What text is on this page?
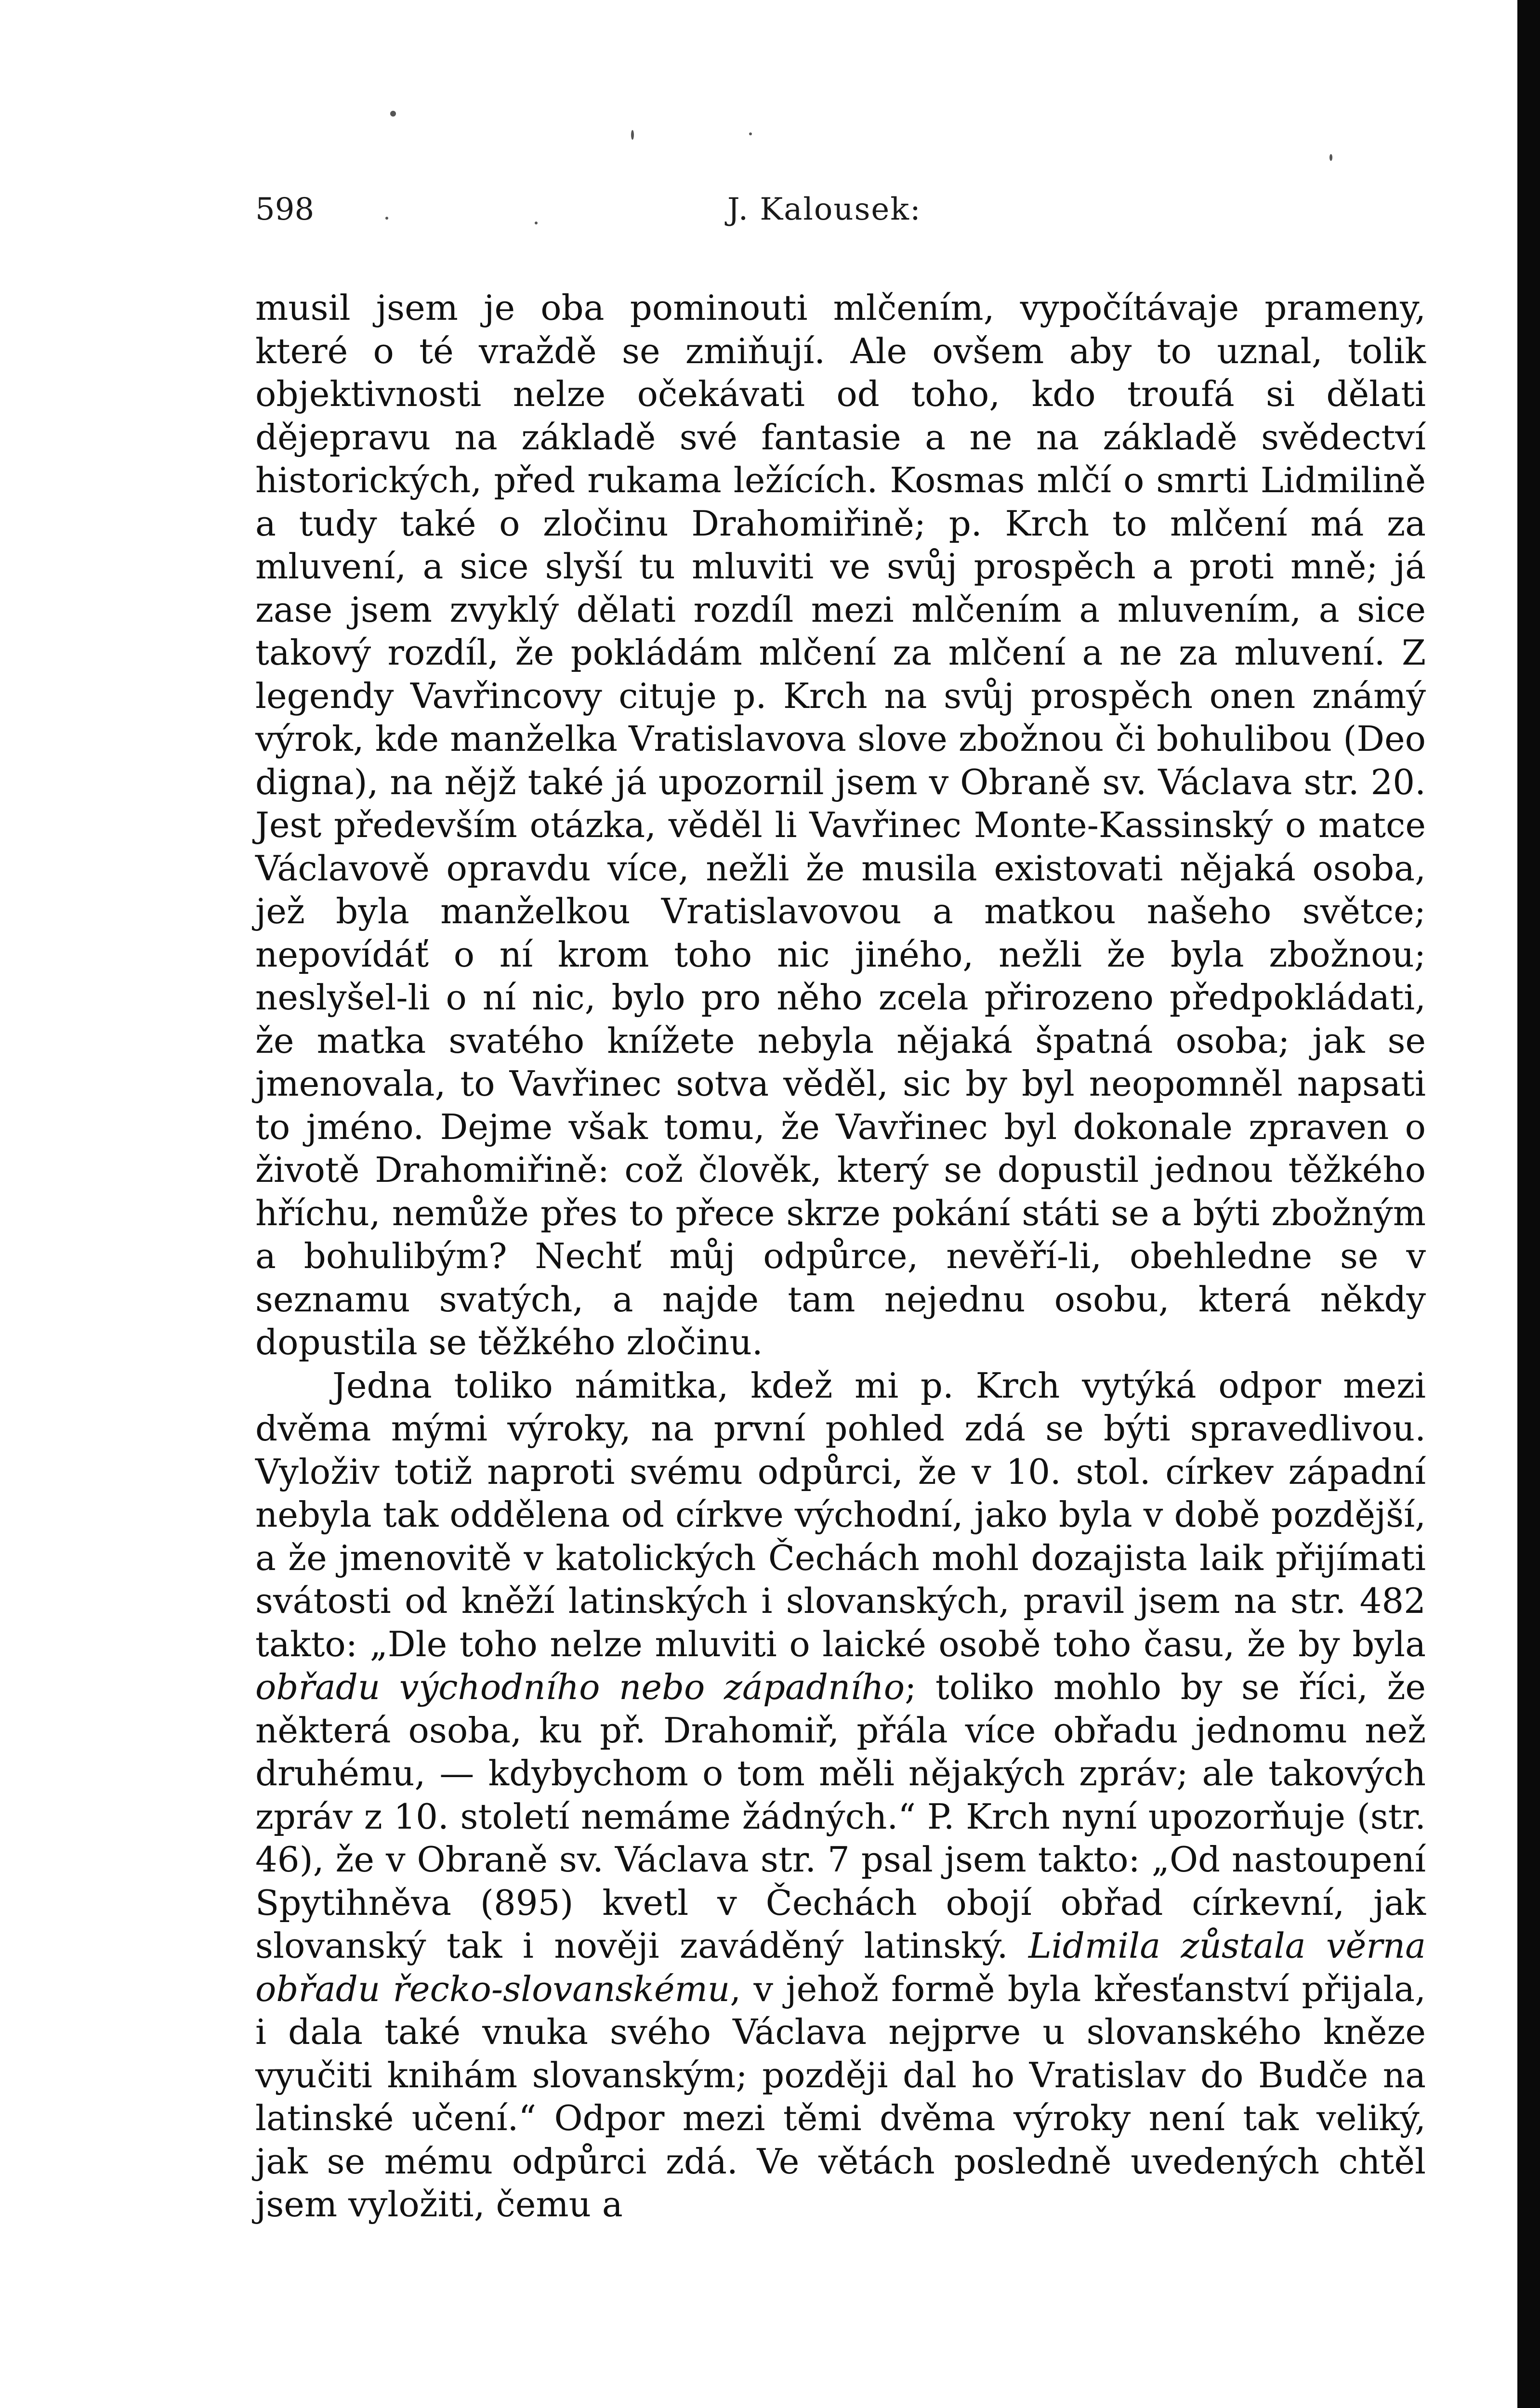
598	J. Kalousek:

musil jsem je oba pominouti mlčením, vypočítávaje prameny, které o té vraždě se zmiňují. Ale ovšem aby to uznal, tolik objektivnosti nelze očekávati od toho, kdo troufá si dělati dějepravu na základě své fantasie a ne na základě svědectví historických, před rukama ležících. Kosmas mlčí o smrti Lidmilině a tudy také o zločinu Drahomiřině; p. Krch to mlčení má za mluvení, a sice slyší tu mluviti ve svůj prospěch a proti mně; já zase jsem zvyklý dělati rozdíl mezi mlčením a mluvením, a sice takový rozdíl, že pokládám mlčení za mlčení a ne za mluvení. Z legendy Vavřincovy cituje p. Krch na svůj prospěch onen známý výrok, kde manželka Vratislavova slove zbožnou či bohulibou (Deo digna), na nějž také já upozornil jsem v Obraně sv. Václava str. 20. Jest především otázka, věděl li Vavřinec Monte-Kassinský o matce Václavově opravdu více, nežli že musila existovati nějaká osoba, jež byla manželkou Vratislavovou a matkou našeho světce; nepovídáť o ní krom toho nic jiného, nežli že byla zbožnou; neslyšel-li o ní nic, bylo pro něho zcela přirozeno předpokládati, že matka svatého knížete nebyla nějaká špatná osoba; jak se jmenovala, to Vavřinec sotva věděl, sic by byl neopomněl napsati to jméno. Dejme však tomu, že Vavřinec byl dokonale zpraven o životě Drahomiřině: což člověk, který se dopustil jednou těžkého hříchu, nemůže přes to přece skrze pokání státi se a býti zbožným a bohulibým? Nechť můj odpůrce, nevěří-li, obehledne se v seznamu svatých, a najde tam nejednu osobu, která někdy dopustila se těžkého zločinu.

Jedna toliko námitka, kdež mi p. Krch vytýká odpor mezi dvěma mými výroky, na první pohled zdá se býti spravedlivou. Vyloživ totiž naproti svému odpůrci, že v 10. stol. církev západní nebyla tak oddělena od církve východní, jako byla v době pozdější, a že jmenovitě v katolických Čechách mohl dozajista laik přijímati svátosti od kněží latinských i slovanských, pravil jsem na str. 482 takto: „Dle toho nelze mluviti o laické osobě toho času, že by byla obřadu východního nebo západního; toliko mohlo by se říci, že některá osoba, ku př. Drahomiř, přála více obřadu jednomu než druhému, — kdybychom o tom měli nějakých zpráv; ale takových zpráv z 10. století nemáme žádných.“ P. Krch nyní upozorňuje (str. 46), že v Obraně sv. Václava str. 7 psal jsem takto: „Od nastoupení Spytihněva (895) kvetl v Čechách obojí obřad církevní, jak slovanský tak i nověji zaváděný latinský. Lidmila zůstala věrna obřadu řecko-slovanskému, v jehož formě byla křesťanství přijala, i dala také vnuka svého Václava nejprve u slovanského kněze vyučiti knihám slovanským; později dal ho Vratislav do Budče na latinské učení.“ Odpor mezi těmi dvěma výroky není tak veliký, jak se mému odpůrci zdá. Ve větách posledně uvedených chtěl jsem vyložiti, čemu a
